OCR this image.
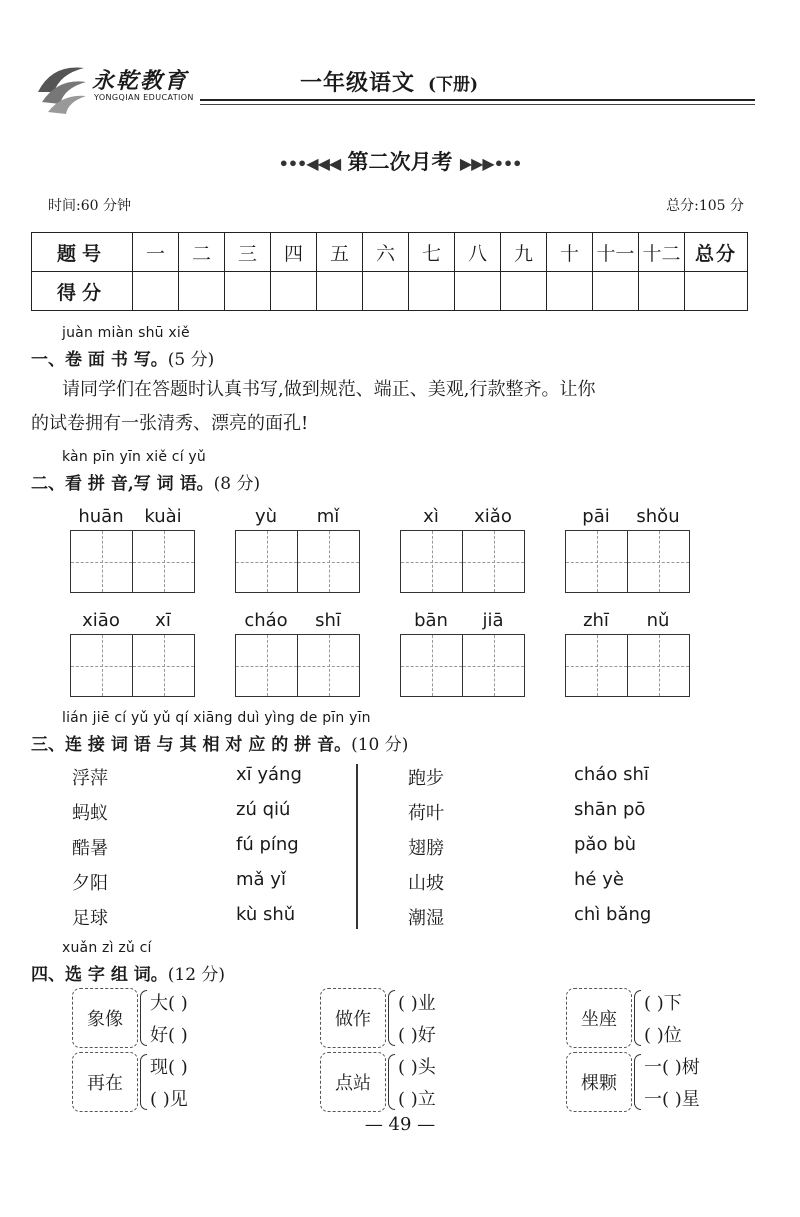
永乾教育
YONGQIAN EDUCATION
一年级语文 (下册)
•••◀◀◀ 第二次月考 ▶▶▶•••
时间:60 分钟	总分:105 分
题号	一	二	三	四	五	六	七	八	九	十	十一	十二	总分
得分													
juàn miàn shū xiě
一、卷 面 书 写。(5 分)
请同学们在答题时认真书写,做到规范、端正、美观,行款整齐。让你
的试卷拥有一张清秀、漂亮的面孔!
kàn pīn yīn xiě cí yǔ
二、看 拼 音,写 词 语。(8 分)
huān	kuài	yù	mǐ	xì	xiǎo	pāi	shǒu
xiāo	xī	cháo	shī	bān	jiā	zhī	nǔ
lián jiē cí yǔ yǔ qí xiāng duì yìng de pīn yīn
三、连 接 词 语 与 其 相 对 应 的 拼 音。(10 分)
浮萍
蚂蚁
酷暑
夕阳
足球
xī yáng
zú qiú
fú píng
mǎ yǐ
kù shǔ
跑步
荷叶
翅膀
山坡
潮湿
cháo shī
shān pō
pǎo bù
hé yè
chì bǎng
xuǎn zì zǔ cí
四、选 字 组 词。(12 分)
象像
大( )
好( )
做作
( )业
( )好
坐座
( )下
( )位
再在
现( )
( )见
点站
( )头
( )立
棵颗
一( )树
一( )星
— 49 —
